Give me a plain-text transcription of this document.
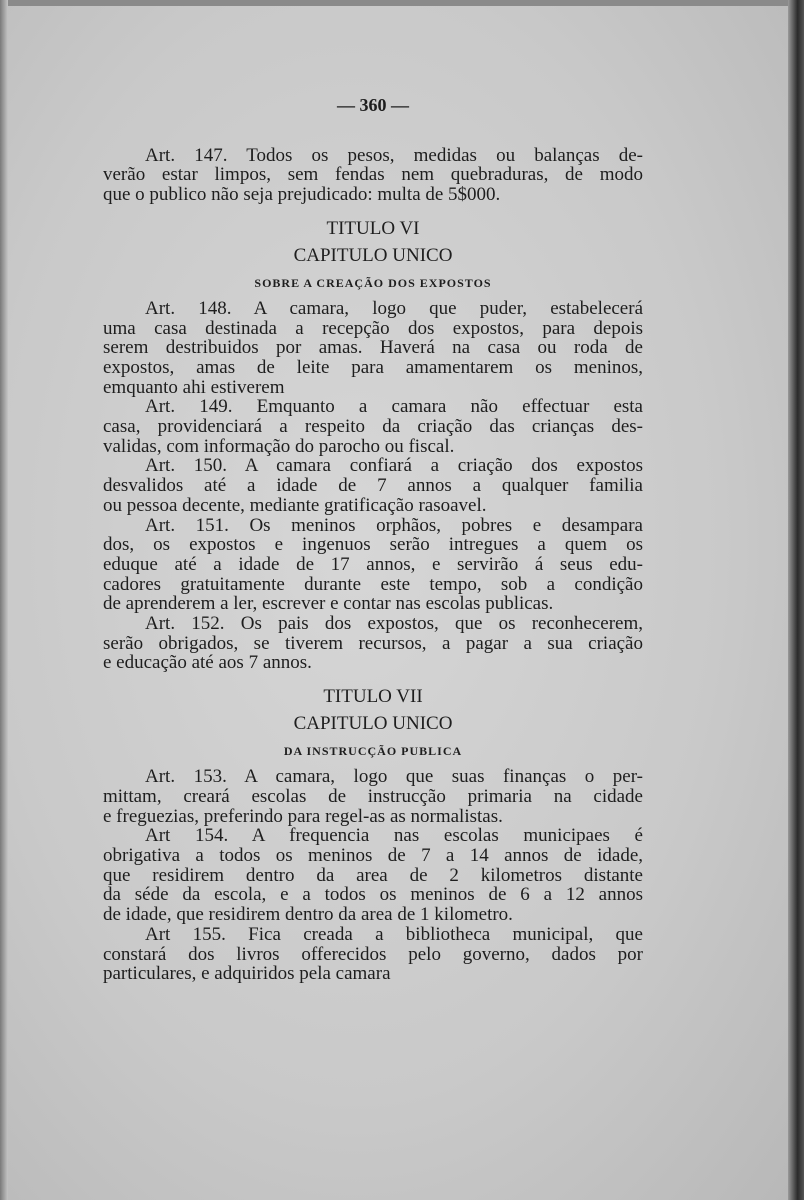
— 360 —
Art. 147. Todos os pesos, medidas ou balanças de-
verão estar limpos, sem fendas nem quebraduras, de modo
que o publico não seja prejudicado: multa de 5$000.
TITULO VI
CAPITULO UNICO
SOBRE A CREAÇÃO DOS EXPOSTOS
Art. 148. A camara, logo que puder, estabelecerá
uma casa destinada a recepção dos expostos, para depois
serem destribuidos por amas. Haverá na casa ou roda de
expostos, amas de leite para amamentarem os meninos,
emquanto ahi estiverem
Art. 149. Emquanto a camara não effectuar esta
casa, providenciará a respeito da criação das crianças des-
validas, com informação do parocho ou fiscal.
Art. 150. A camara confiará a criação dos expostos
desvalidos até a idade de 7 annos a qualquer familia
ou pessoa decente, mediante gratificação rasoavel.
Art. 151. Os meninos orphãos, pobres e desampara
dos, os expostos e ingenuos serão intregues a quem os
eduque até a idade de 17 annos, e servirão á seus edu-
cadores gratuitamente durante este tempo, sob a condição
de aprenderem a ler, escrever e contar nas escolas publicas.
Art. 152. Os pais dos expostos, que os reconhecerem,
serão obrigados, se tiverem recursos, a pagar a sua criação
e educação até aos 7 annos.
TITULO VII
CAPITULO UNICO
DA INSTRUCÇÃO PUBLICA
Art. 153. A camara, logo que suas finanças o per-
mittam, creará escolas de instrucção primaria na cidade
e freguezias, preferindo para regel-as as normalistas.
Art 154. A frequencia nas escolas municipaes é
obrigativa a todos os meninos de 7 a 14 annos de idade,
que residirem dentro da area de 2 kilometros distante
da séde da escola, e a todos os meninos de 6 a 12 annos
de idade, que residirem dentro da area de 1 kilometro.
Art 155. Fica creada a bibliotheca municipal, que
constará dos livros offerecidos pelo governo, dados por
particulares, e adquiridos pela camara
